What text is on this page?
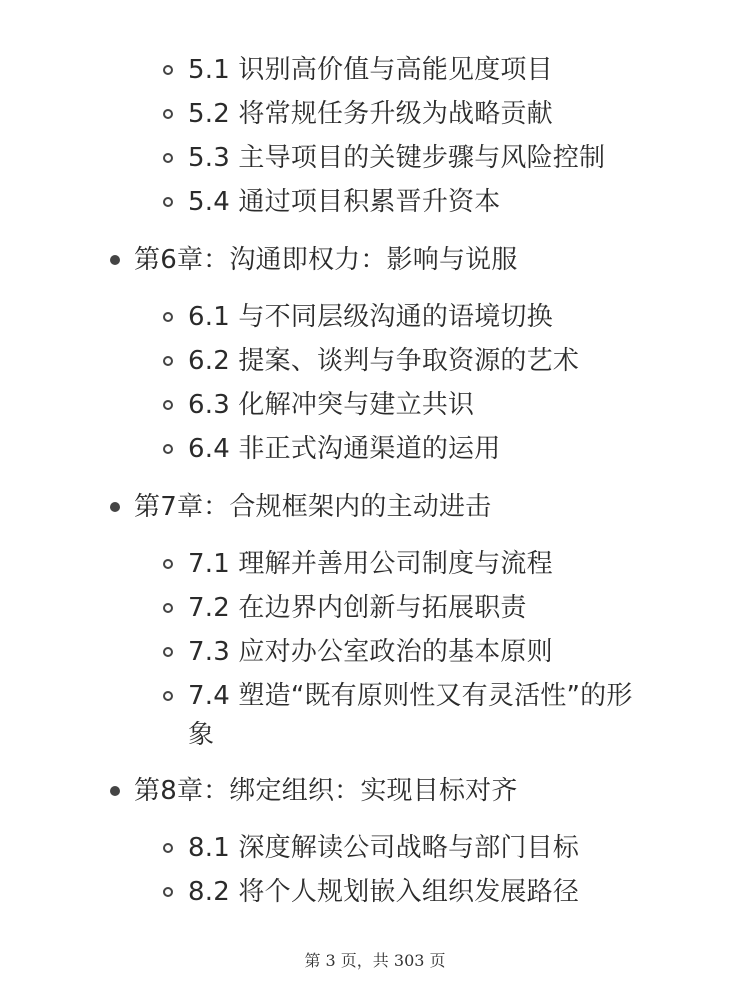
5.1 识别高价值与高能见度项目
5.2 将常规任务升级为战略贡献
5.3 主导项目的关键步骤与风险控制
5.4 通过项目积累晋升资本
第6章：沟通即权力：影响与说服
6.1 与不同层级沟通的语境切换
6.2 提案、谈判与争取资源的艺术
6.3 化解冲突与建立共识
6.4 非正式沟通渠道的运用
第7章：合规框架内的主动进击
7.1 理解并善用公司制度与流程
7.2 在边界内创新与拓展职责
7.3 应对办公室政治的基本原则
7.4 塑造“既有原则性又有灵活性”的形
象
第8章：绑定组织：实现目标对齐
8.1 深度解读公司战略与部门目标
8.2 将个人规划嵌入组织发展路径
第 3 页，共 303 页
